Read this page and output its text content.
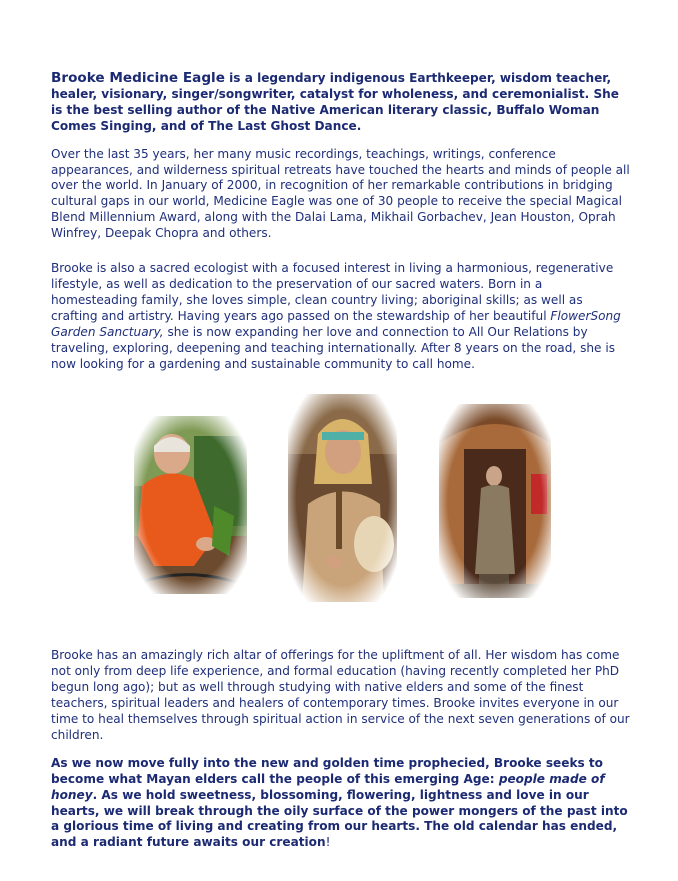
Brooke Medicine Eagle is a legendary indigenous Earthkeeper, wisdom teacher, healer, visionary, singer/songwriter, catalyst for wholeness, and ceremonialist. She is the best selling author of the Native American literary classic, Buffalo Woman Comes Singing, and of The Last Ghost Dance.

Over the last 35 years, her many music recordings, teachings, writings, conference appearances, and wilderness spiritual retreats have touched the hearts and minds of people all over the world. In January of 2000, in recognition of her remarkable contributions in bridging cultural gaps in our world, Medicine Eagle was one of 30 people to receive the special Magical Blend Millennium Award, along with the Dalai Lama, Mikhail Gorbachev, Jean Houston, Oprah Winfrey, Deepak Chopra and others.

Brooke is also a sacred ecologist with a focused interest in living a harmonious, regenerative lifestyle, as well as dedication to the preservation of our sacred waters. Born in a homesteading family, she loves simple, clean country living; aboriginal skills; as well as crafting and artistry. Having years ago passed on the stewardship of her beautiful FlowerSong Garden Sanctuary, she is now expanding her love and connection to All Our Relations by traveling, exploring, deepening and teaching internationally. After 8 years on the road, she is now looking for a gardening and sustainable community to call home.

Brooke has an amazingly rich altar of offerings for the upliftment of all. Her wisdom has come not only from deep life experience, and formal education (having recently completed her PhD begun long ago); but as well through studying with native elders and some of the finest teachers, spiritual leaders and healers of contemporary times. Brooke invites everyone in our time to heal themselves through spiritual action in service of the next seven generations of our children.

As we now move fully into the new and golden time prophecied, Brooke seeks to become what Mayan elders call the people of this emerging Age: people made of honey. As we hold sweetness, blossoming, flowering, lightness and love in our hearts, we will break through the oily surface of the power mongers of the past into a glorious time of living and creating from our hearts. The old calendar has ended, and a radiant future awaits our creation!
